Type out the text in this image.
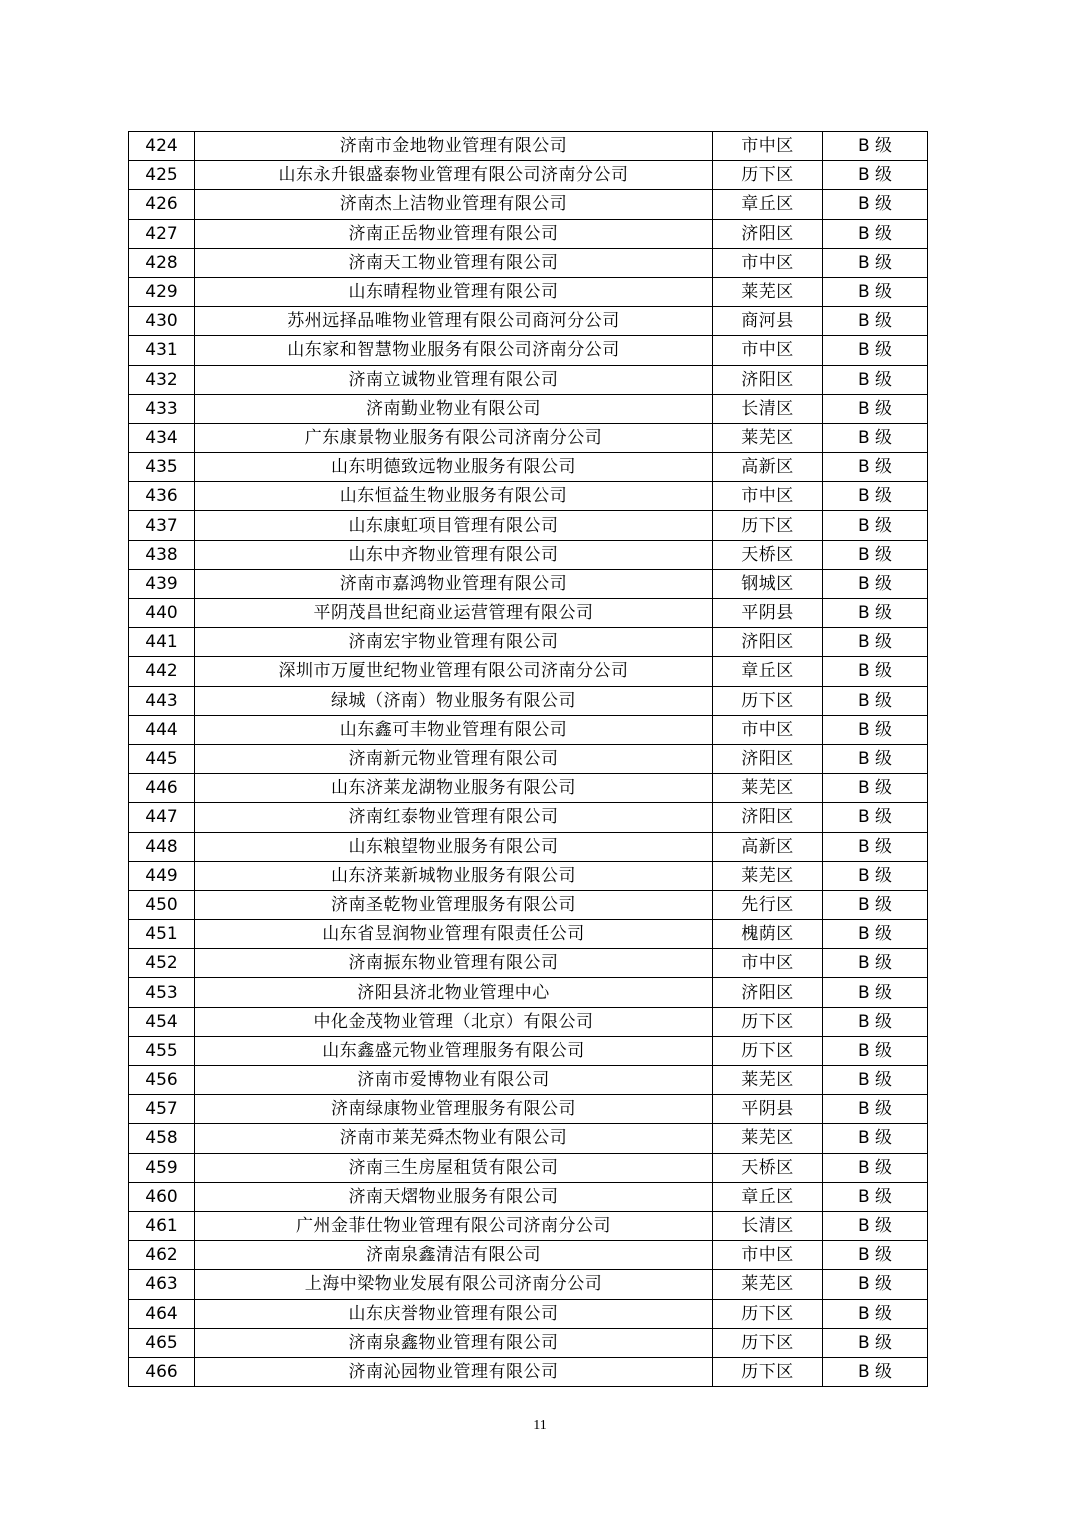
424	济南市金地物业管理有限公司	市中区	B 级
425	山东永升银盛泰物业管理有限公司济南分公司	历下区	B 级
426	济南杰上洁物业管理有限公司	章丘区	B 级
427	济南正岳物业管理有限公司	济阳区	B 级
428	济南天工物业管理有限公司	市中区	B 级
429	山东晴程物业管理有限公司	莱芜区	B 级
430	苏州远择品唯物业管理有限公司商河分公司	商河县	B 级
431	山东家和智慧物业服务有限公司济南分公司	市中区	B 级
432	济南立诚物业管理有限公司	济阳区	B 级
433	济南勤业物业有限公司	长清区	B 级
434	广东康景物业服务有限公司济南分公司	莱芜区	B 级
435	山东明德致远物业服务有限公司	高新区	B 级
436	山东恒益生物业服务有限公司	市中区	B 级
437	山东康虹项目管理有限公司	历下区	B 级
438	山东中齐物业管理有限公司	天桥区	B 级
439	济南市嘉鸿物业管理有限公司	钢城区	B 级
440	平阴茂昌世纪商业运营管理有限公司	平阴县	B 级
441	济南宏宇物业管理有限公司	济阳区	B 级
442	深圳市万厦世纪物业管理有限公司济南分公司	章丘区	B 级
443	绿城（济南）物业服务有限公司	历下区	B 级
444	山东鑫可丰物业管理有限公司	市中区	B 级
445	济南新元物业管理有限公司	济阳区	B 级
446	山东济莱龙湖物业服务有限公司	莱芜区	B 级
447	济南红泰物业管理有限公司	济阳区	B 级
448	山东粮望物业服务有限公司	高新区	B 级
449	山东济莱新城物业服务有限公司	莱芜区	B 级
450	济南圣乾物业管理服务有限公司	先行区	B 级
451	山东省昱润物业管理有限责任公司	槐荫区	B 级
452	济南振东物业管理有限公司	市中区	B 级
453	济阳县济北物业管理中心	济阳区	B 级
454	中化金茂物业管理（北京）有限公司	历下区	B 级
455	山东鑫盛元物业管理服务有限公司	历下区	B 级
456	济南市爱博物业有限公司	莱芜区	B 级
457	济南绿康物业管理服务有限公司	平阴县	B 级
458	济南市莱芜舜杰物业有限公司	莱芜区	B 级
459	济南三生房屋租赁有限公司	天桥区	B 级
460	济南天熠物业服务有限公司	章丘区	B 级
461	广州金菲仕物业管理有限公司济南分公司	长清区	B 级
462	济南泉鑫清洁有限公司	市中区	B 级
463	上海中梁物业发展有限公司济南分公司	莱芜区	B 级
464	山东庆誉物业管理有限公司	历下区	B 级
465	济南泉鑫物业管理有限公司	历下区	B 级
466	济南沁园物业管理有限公司	历下区	B 级
11
